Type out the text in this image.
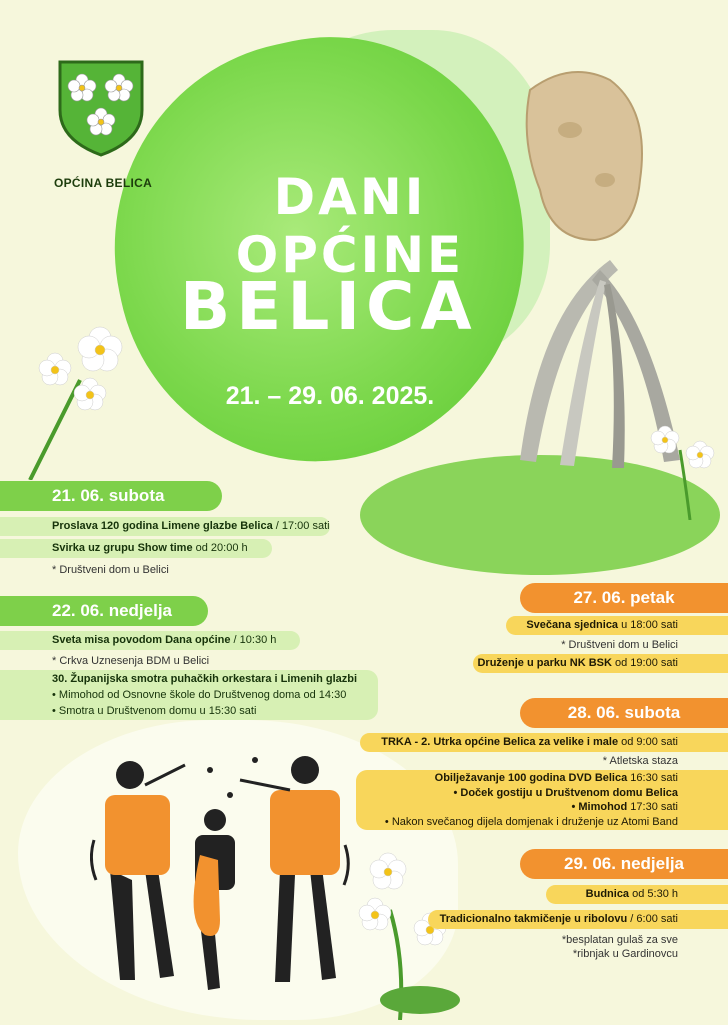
OPĆINA BELICA	DANI OPĆINE
BELICA
21. – 29. 06. 2025.
21. 06. subota
Proslava 120 godina Limene glazbe Belica / 17:00 sati
Svirka uz grupu Show time od 20:00 h
* Društveni dom u Belici
22. 06. nedjelja
Sveta misa povodom Dana općine / 10:30 h
* Crkva Uznesenja BDM u Belici
30. Županijska smotra puhačkih orkestara i Limenih glazbi
• Mimohod od Osnovne škole do Društvenog doma od 14:30
• Smotra u Društvenom domu u 15:30 sati
27. 06. petak
Svečana sjednica u 18:00 sati
* Društveni dom u Belici
Druženje u parku NK BSK od 19:00 sati
28. 06. subota
TRKA - 2. Utrka općine Belica za velike i male od 9:00 sati
* Atletska staza
Obilježavanje 100 godina DVD Belica 16:30 sati
• Doček gostiju u Društvenom domu Belica
• Mimohod 17:30 sati
• Nakon svečanog dijela domjenak i druženje uz Atomi Band
29. 06. nedjelja
Budnica od 5:30 h
Tradicionalno takmičenje u ribolovu / 6:00 sati
*besplatan gulaš za sve
*ribnjak u Gardinovcu
